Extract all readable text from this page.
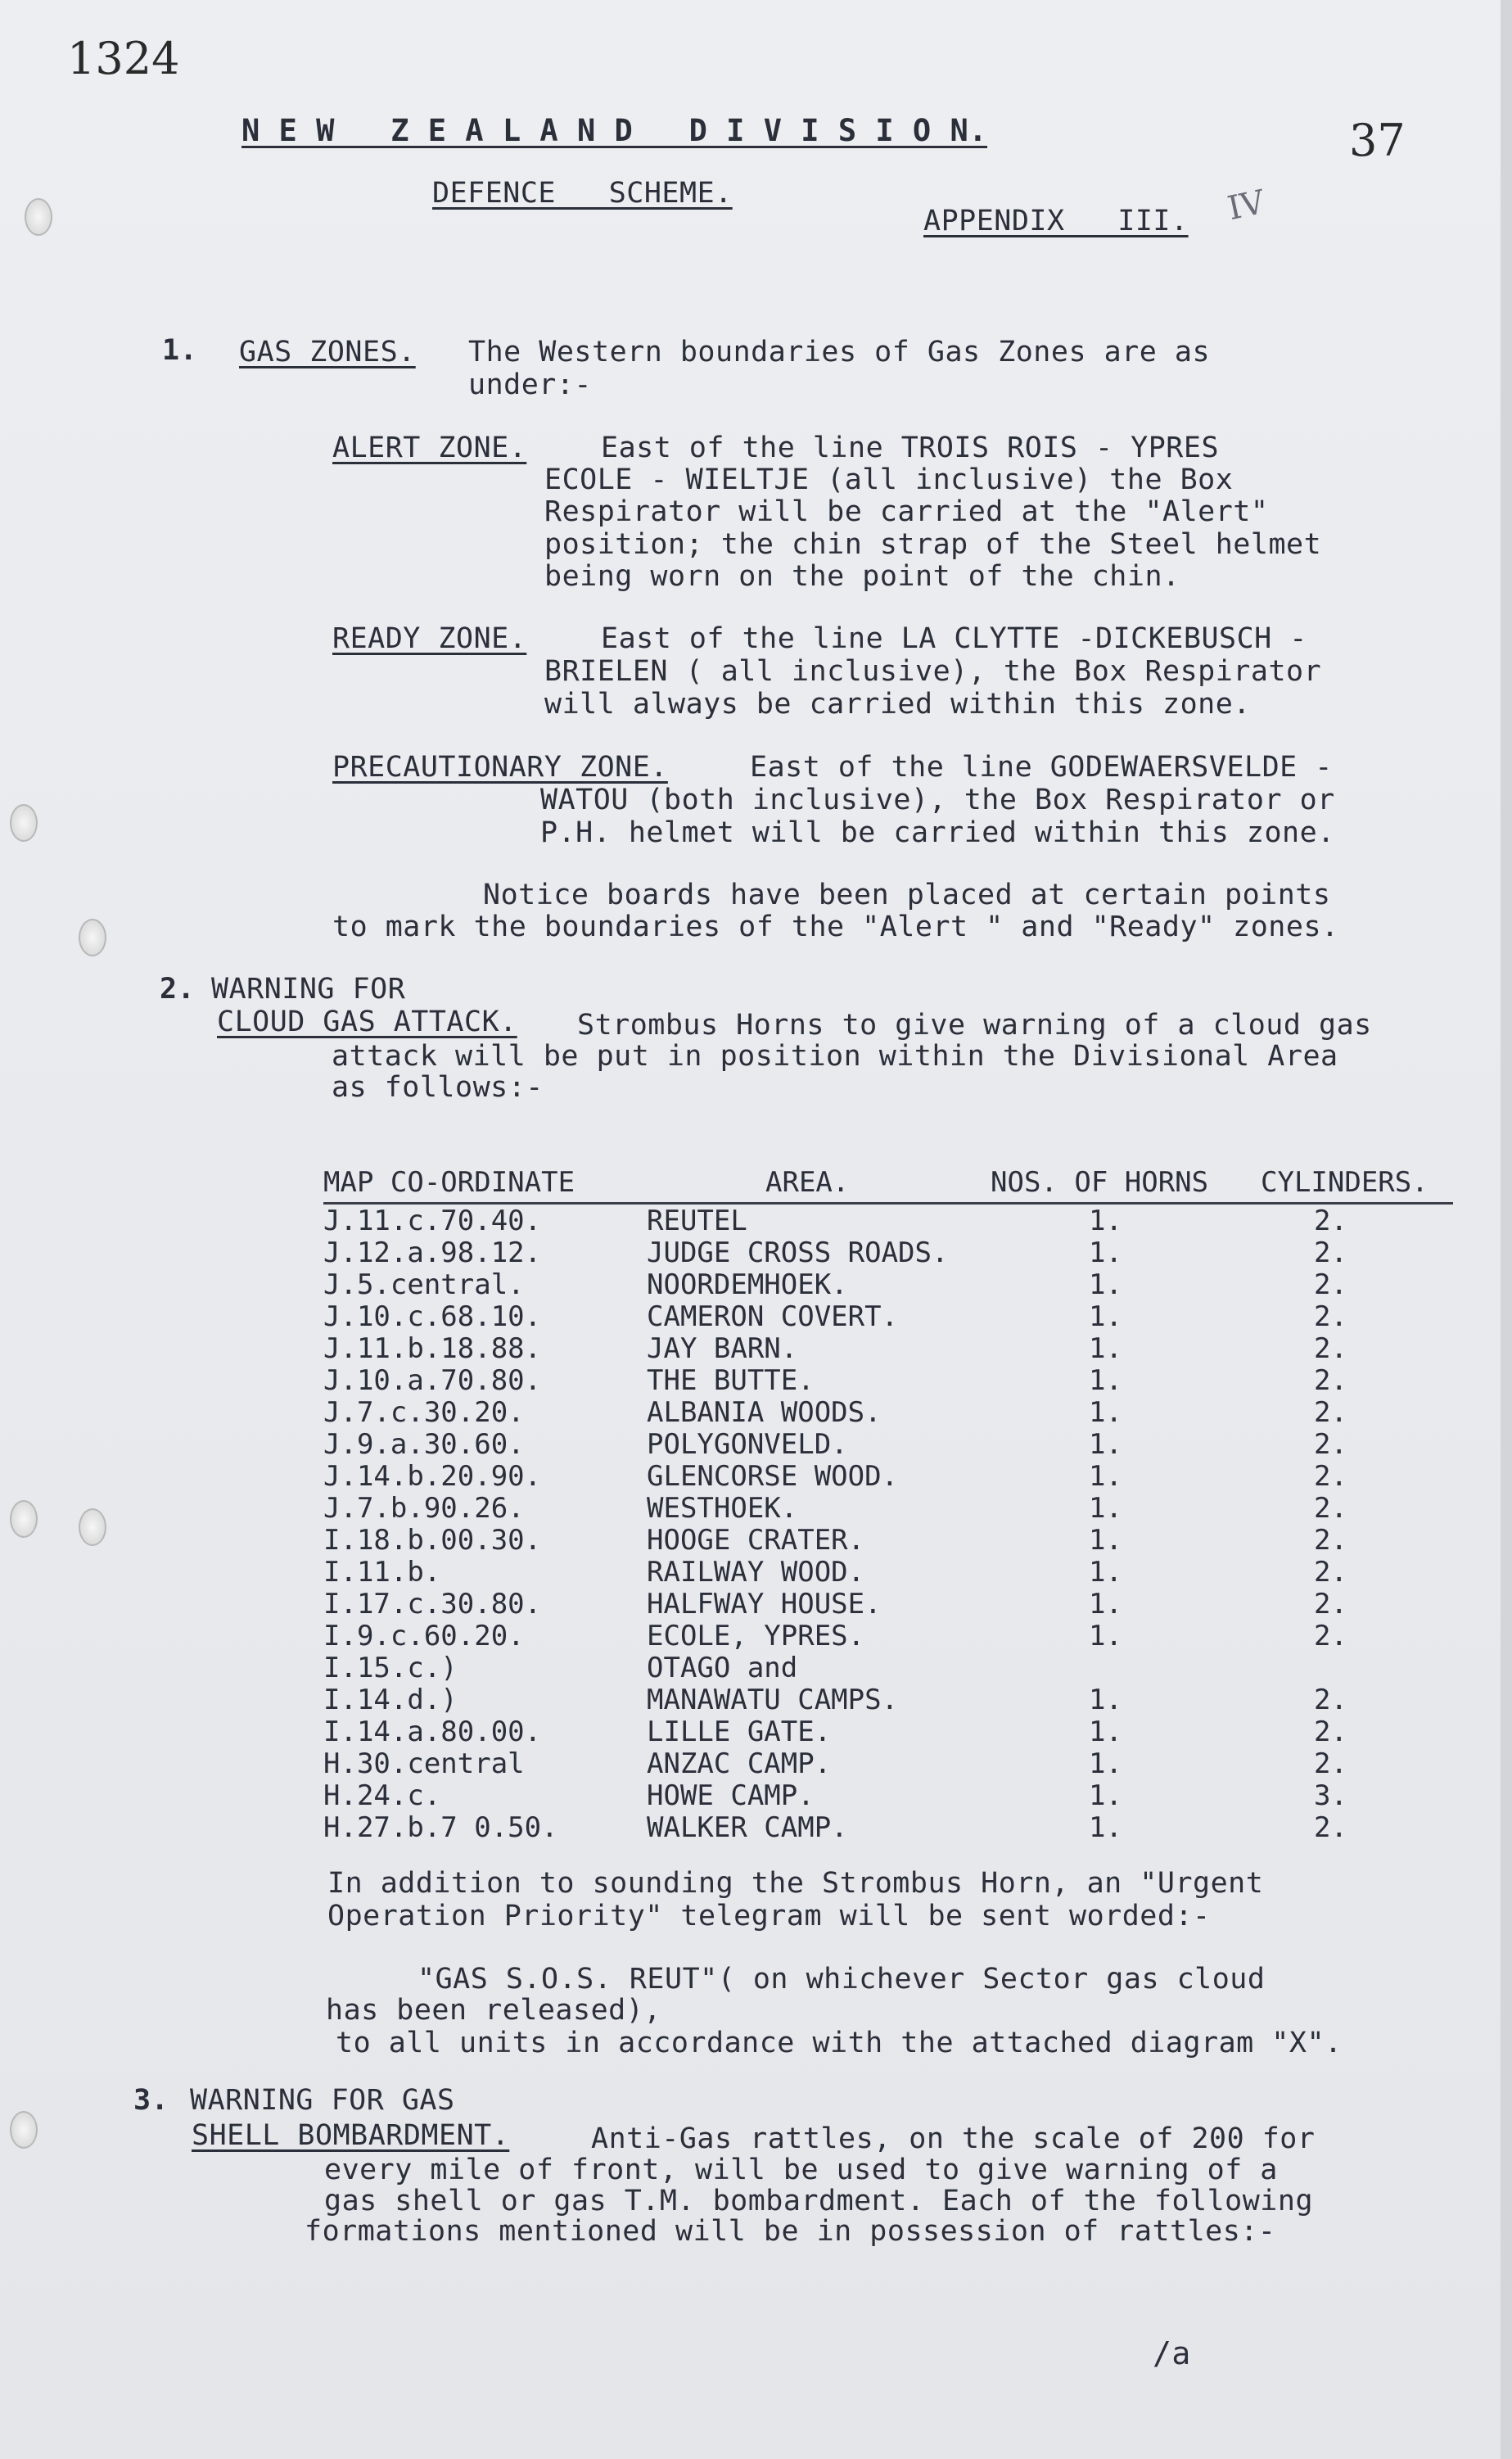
1324
37
N E W   Z E A L A N D   D I V I S I O N.
DEFENCE   SCHEME.
APPENDIX   III. IV
1. GAS ZONES. The Western boundaries of Gas Zones are as
under:-
ALERT ZONE.	East of the line TROIS ROIS - YPRES
ECOLE - WIELTJE (all inclusive) the Box
Respirator will be carried at the "Alert"
position; the chin strap of the Steel helmet
being worn on the point of the chin.
READY ZONE.	East of the line LA CLYTTE -DICKEBUSCH -
BRIELEN ( all inclusive), the Box Respirator
will always be carried within this zone.
PRECAUTIONARY ZONE.	East of the line GODEWAERSVELDE -
WATOU (both inclusive), the Box Respirator or
P.H. helmet will be carried within this zone.
Notice boards have been placed at certain points
to mark the boundaries of the "Alert " and "Ready" zones.
2. WARNING FOR
CLOUD GAS ATTACK. Strombus Horns to give warning of a cloud gas
attack will be put in position within the Divisional Area
as follows:-
MAP CO-ORDINATE	AREA.	NOS. OF HORNS CYLINDERS.
J.11.c.70.40.	REUTEL	1.	2.
J.12.a.98.12.	JUDGE CROSS ROADS.	1.	2.
J.5.central.	NOORDEMHOEK.	1.	2.
J.10.c.68.10.	CAMERON COVERT.	1.	2.
J.11.b.18.88.	JAY BARN.	1.	2.
J.10.a.70.80.	THE BUTTE.	1.	2.
J.7.c.30.20.	ALBANIA WOODS.	1.	2.
J.9.a.30.60.	POLYGONVELD.	1.	2.
J.14.b.20.90.	GLENCORSE WOOD.	1.	2.
J.7.b.90.26.	WESTHOEK.	1.	2.
I.18.b.00.30.	HOOGE CRATER.	1.	2.
I.11.b.	RAILWAY WOOD.	1.	2.
I.17.c.30.80.	HALFWAY HOUSE.	1.	2.
I.9.c.60.20.	ECOLE, YPRES.	1.	2.
I.15.c.)	OTAGO and
I.14.d.)	MANAWATU CAMPS.	1.	2.
I.14.a.80.00.	LILLE GATE.	1.	2.
H.30.central	ANZAC CAMP.	1.	2.
H.24.c.	HOWE CAMP.	1.	3.
H.27.b.7 0.50.	WALKER CAMP.	1.	2.
In addition to sounding the Strombus Horn, an "Urgent
Operation Priority" telegram will be sent worded:-
"GAS S.O.S. REUT"( on whichever Sector gas cloud
has been released),
to all units in accordance with the attached diagram "X".
3. WARNING FOR GAS
SHELL BOMBARDMENT.	Anti-Gas rattles, on the scale of 200 for
every mile of front, will be used to give warning of a
gas shell or gas T.M. bombardment. Each of the following
formations mentioned will be in possession of rattles:-
/a
